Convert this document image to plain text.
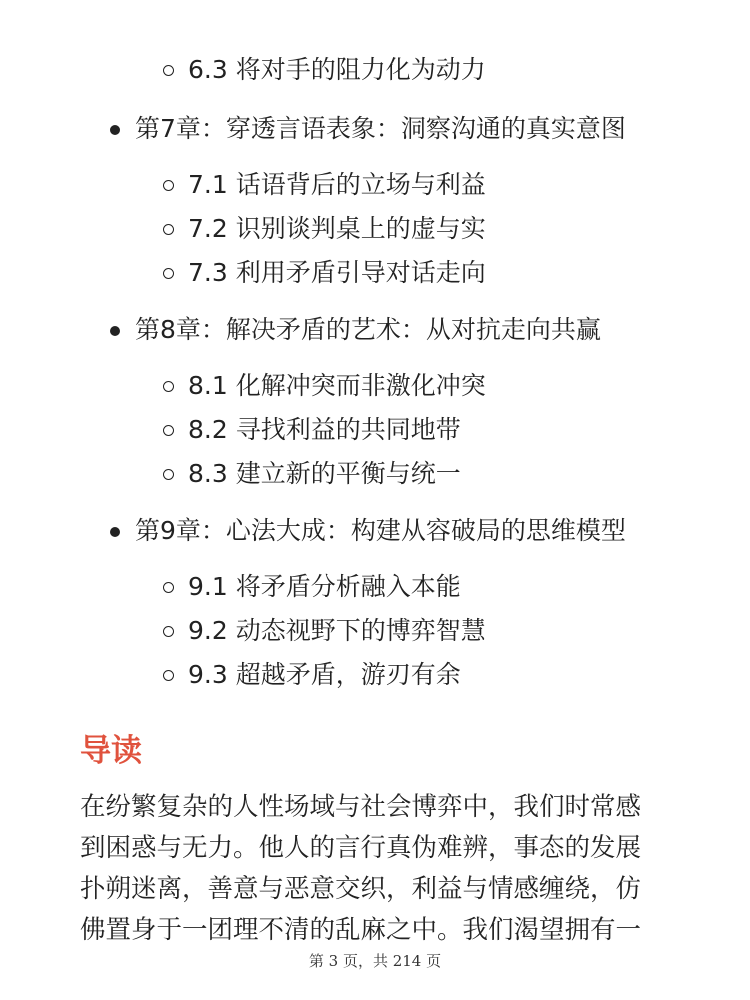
6.3 将对手的阻力化为动力
第7章：穿透言语表象：洞察沟通的真实意图
7.1 话语背后的立场与利益
7.2 识别谈判桌上的虚与实
7.3 利用矛盾引导对话走向
第8章：解决矛盾的艺术：从对抗走向共赢
8.1 化解冲突而非激化冲突
8.2 寻找利益的共同地带
8.3 建立新的平衡与统一
第9章：心法大成：构建从容破局的思维模型
9.1 将矛盾分析融入本能
9.2 动态视野下的博弈智慧
9.3 超越矛盾，游刃有余
导读
在纷繁复杂的人性场域与社会博弈中，我们时常感
到困惑与无力。他人的言行真伪难辨，事态的发展
扑朔迷离，善意与恶意交织，利益与情感缠绕，仿
佛置身于一团理不清的乱麻之中。我们渴望拥有一
第 3 页，共 214 页
